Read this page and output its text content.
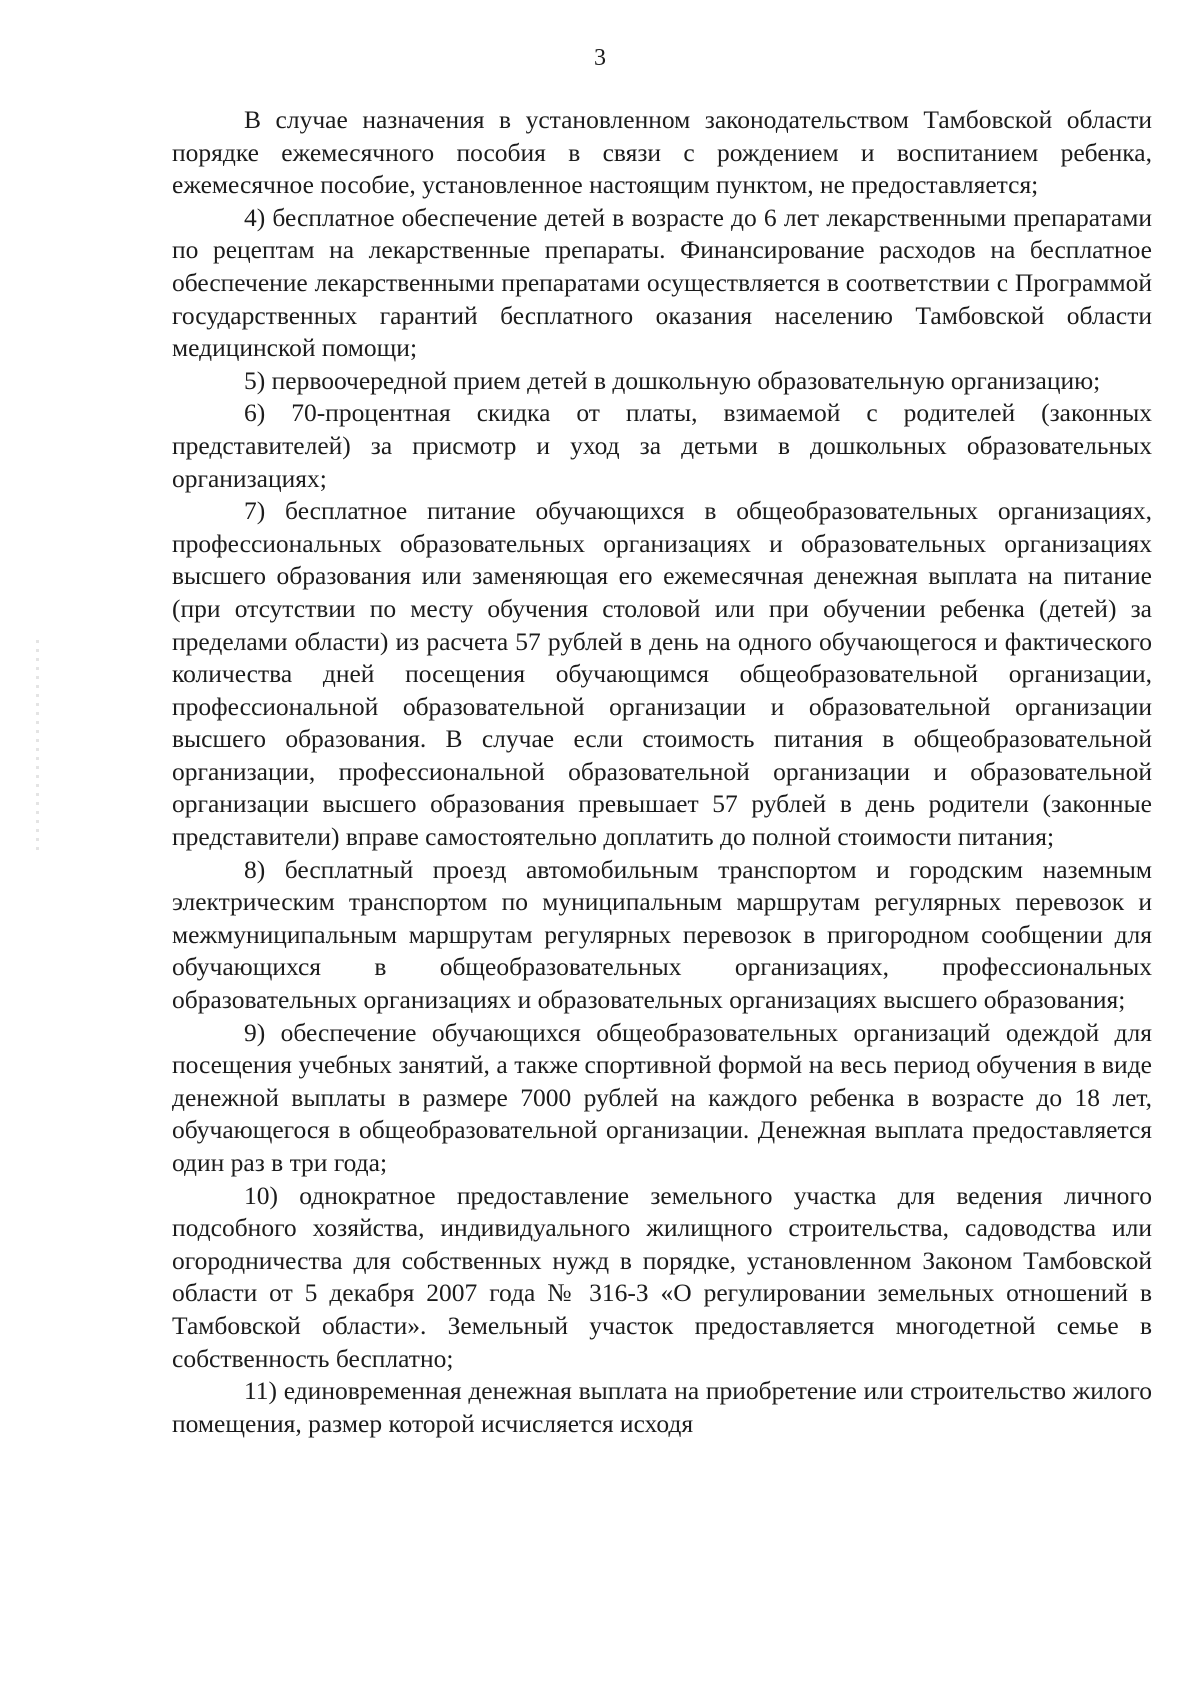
3

В случае назначения в установленном законодательством Тамбовской области порядке ежемесячного пособия в связи с рождением и воспитанием ребенка, ежемесячное пособие, установленное настоящим пунктом, не предоставляется;

4) бесплатное обеспечение детей в возрасте до 6 лет лекарственными препаратами по рецептам на лекарственные препараты. Финансирование расходов на бесплатное обеспечение лекарственными препаратами осуществляется в соответствии с Программой государственных гарантий бесплатного оказания населению Тамбовской области медицинской помощи;

5) первоочередной прием детей в дошкольную образовательную организацию;

6) 70-процентная скидка от платы, взимаемой с родителей (законных представителей) за присмотр и уход за детьми в дошкольных образовательных организациях;

7) бесплатное питание обучающихся в общеобразовательных организациях, профессиональных образовательных организациях и образовательных организациях высшего образования или заменяющая его ежемесячная денежная выплата на питание (при отсутствии по месту обучения столовой или при обучении ребенка (детей) за пределами области) из расчета 57 рублей в день на одного обучающегося и фактического количества дней посещения обучающимся общеобразовательной организации, профессиональной образовательной организации и образовательной организации высшего образования. В случае если стоимость питания в общеобразовательной организации, профессиональной образовательной организации и образовательной организации высшего образования превышает 57 рублей в день родители (законные представители) вправе самостоятельно доплатить до полной стоимости питания;

8) бесплатный проезд автомобильным транспортом и городским наземным электрическим транспортом по муниципальным маршрутам регулярных перевозок и межмуниципальным маршрутам регулярных перевозок в пригородном сообщении для обучающихся в общеобразовательных организациях, профессиональных образовательных организациях и образовательных организациях высшего образования;

9) обеспечение обучающихся общеобразовательных организаций одеждой для посещения учебных занятий, а также спортивной формой на весь период обучения в виде денежной выплаты в размере 7000 рублей на каждого ребенка в возрасте до 18 лет, обучающегося в общеобразовательной организации. Денежная выплата предоставляется один раз в три года;

10) однократное предоставление земельного участка для ведения личного подсобного хозяйства, индивидуального жилищного строительства, садоводства или огородничества для собственных нужд в порядке, установленном Законом Тамбовской области от 5 декабря 2007 года № 316-З «О регулировании земельных отношений в Тамбовской области». Земельный участок предоставляется многодетной семье в собственность бесплатно;

11) единовременная денежная выплата на приобретение или строительство жилого помещения, размер которой исчисляется исходя
